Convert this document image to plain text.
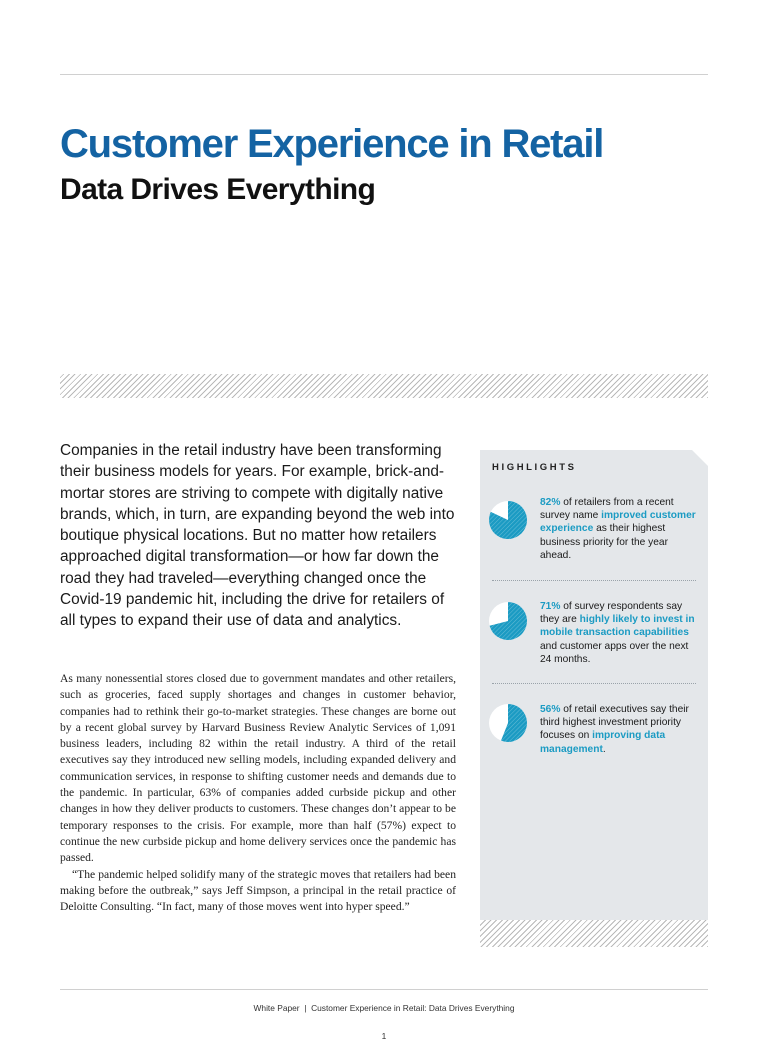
Customer Experience in Retail
Data Drives Everything

Companies in the retail industry have been transforming their business models for years. For example, brick-and-mortar stores are striving to compete with digitally native brands, which, in turn, are expanding beyond the web into boutique physical locations. But no matter how retailers approached digital transformation—or how far down the road they had traveled—everything changed once the Covid-19 pandemic hit, including the drive for retailers of all types to expand their use of data and analytics.

As many nonessential stores closed due to government mandates and other retailers, such as groceries, faced supply shortages and changes in customer behavior, companies had to rethink their go-to-market strategies. These changes are borne out by a recent global survey by Harvard Business Review Analytic Services of 1,091 business leaders, including 82 within the retail industry. A third of the retail executives say they introduced new selling models, including expanded delivery and communication services, in response to shifting customer needs and demands due to the pandemic. In particular, 63% of companies added curbside pickup and other changes in how they deliver products to customers. These changes don’t appear to be temporary responses to the crisis. For example, more than half (57%) expect to continue the new curbside pickup and home delivery services once the pandemic has passed.

“The pandemic helped solidify many of the strategic moves that retailers had been making before the outbreak,” says Jeff Simpson, a principal in the retail practice of Deloitte Consulting. “In fact, many of those moves went into hyper speed.”

HIGHLIGHTS
82% of retailers from a recent survey name improved customer experience as their highest business priority for the year ahead.
71% of survey respondents say they are highly likely to invest in mobile transaction capabilities and customer apps over the next 24 months.
56% of retail executives say their third highest investment priority focuses on improving data management.
White Paper  |  Customer Experience in Retail: Data Drives Everything
1
